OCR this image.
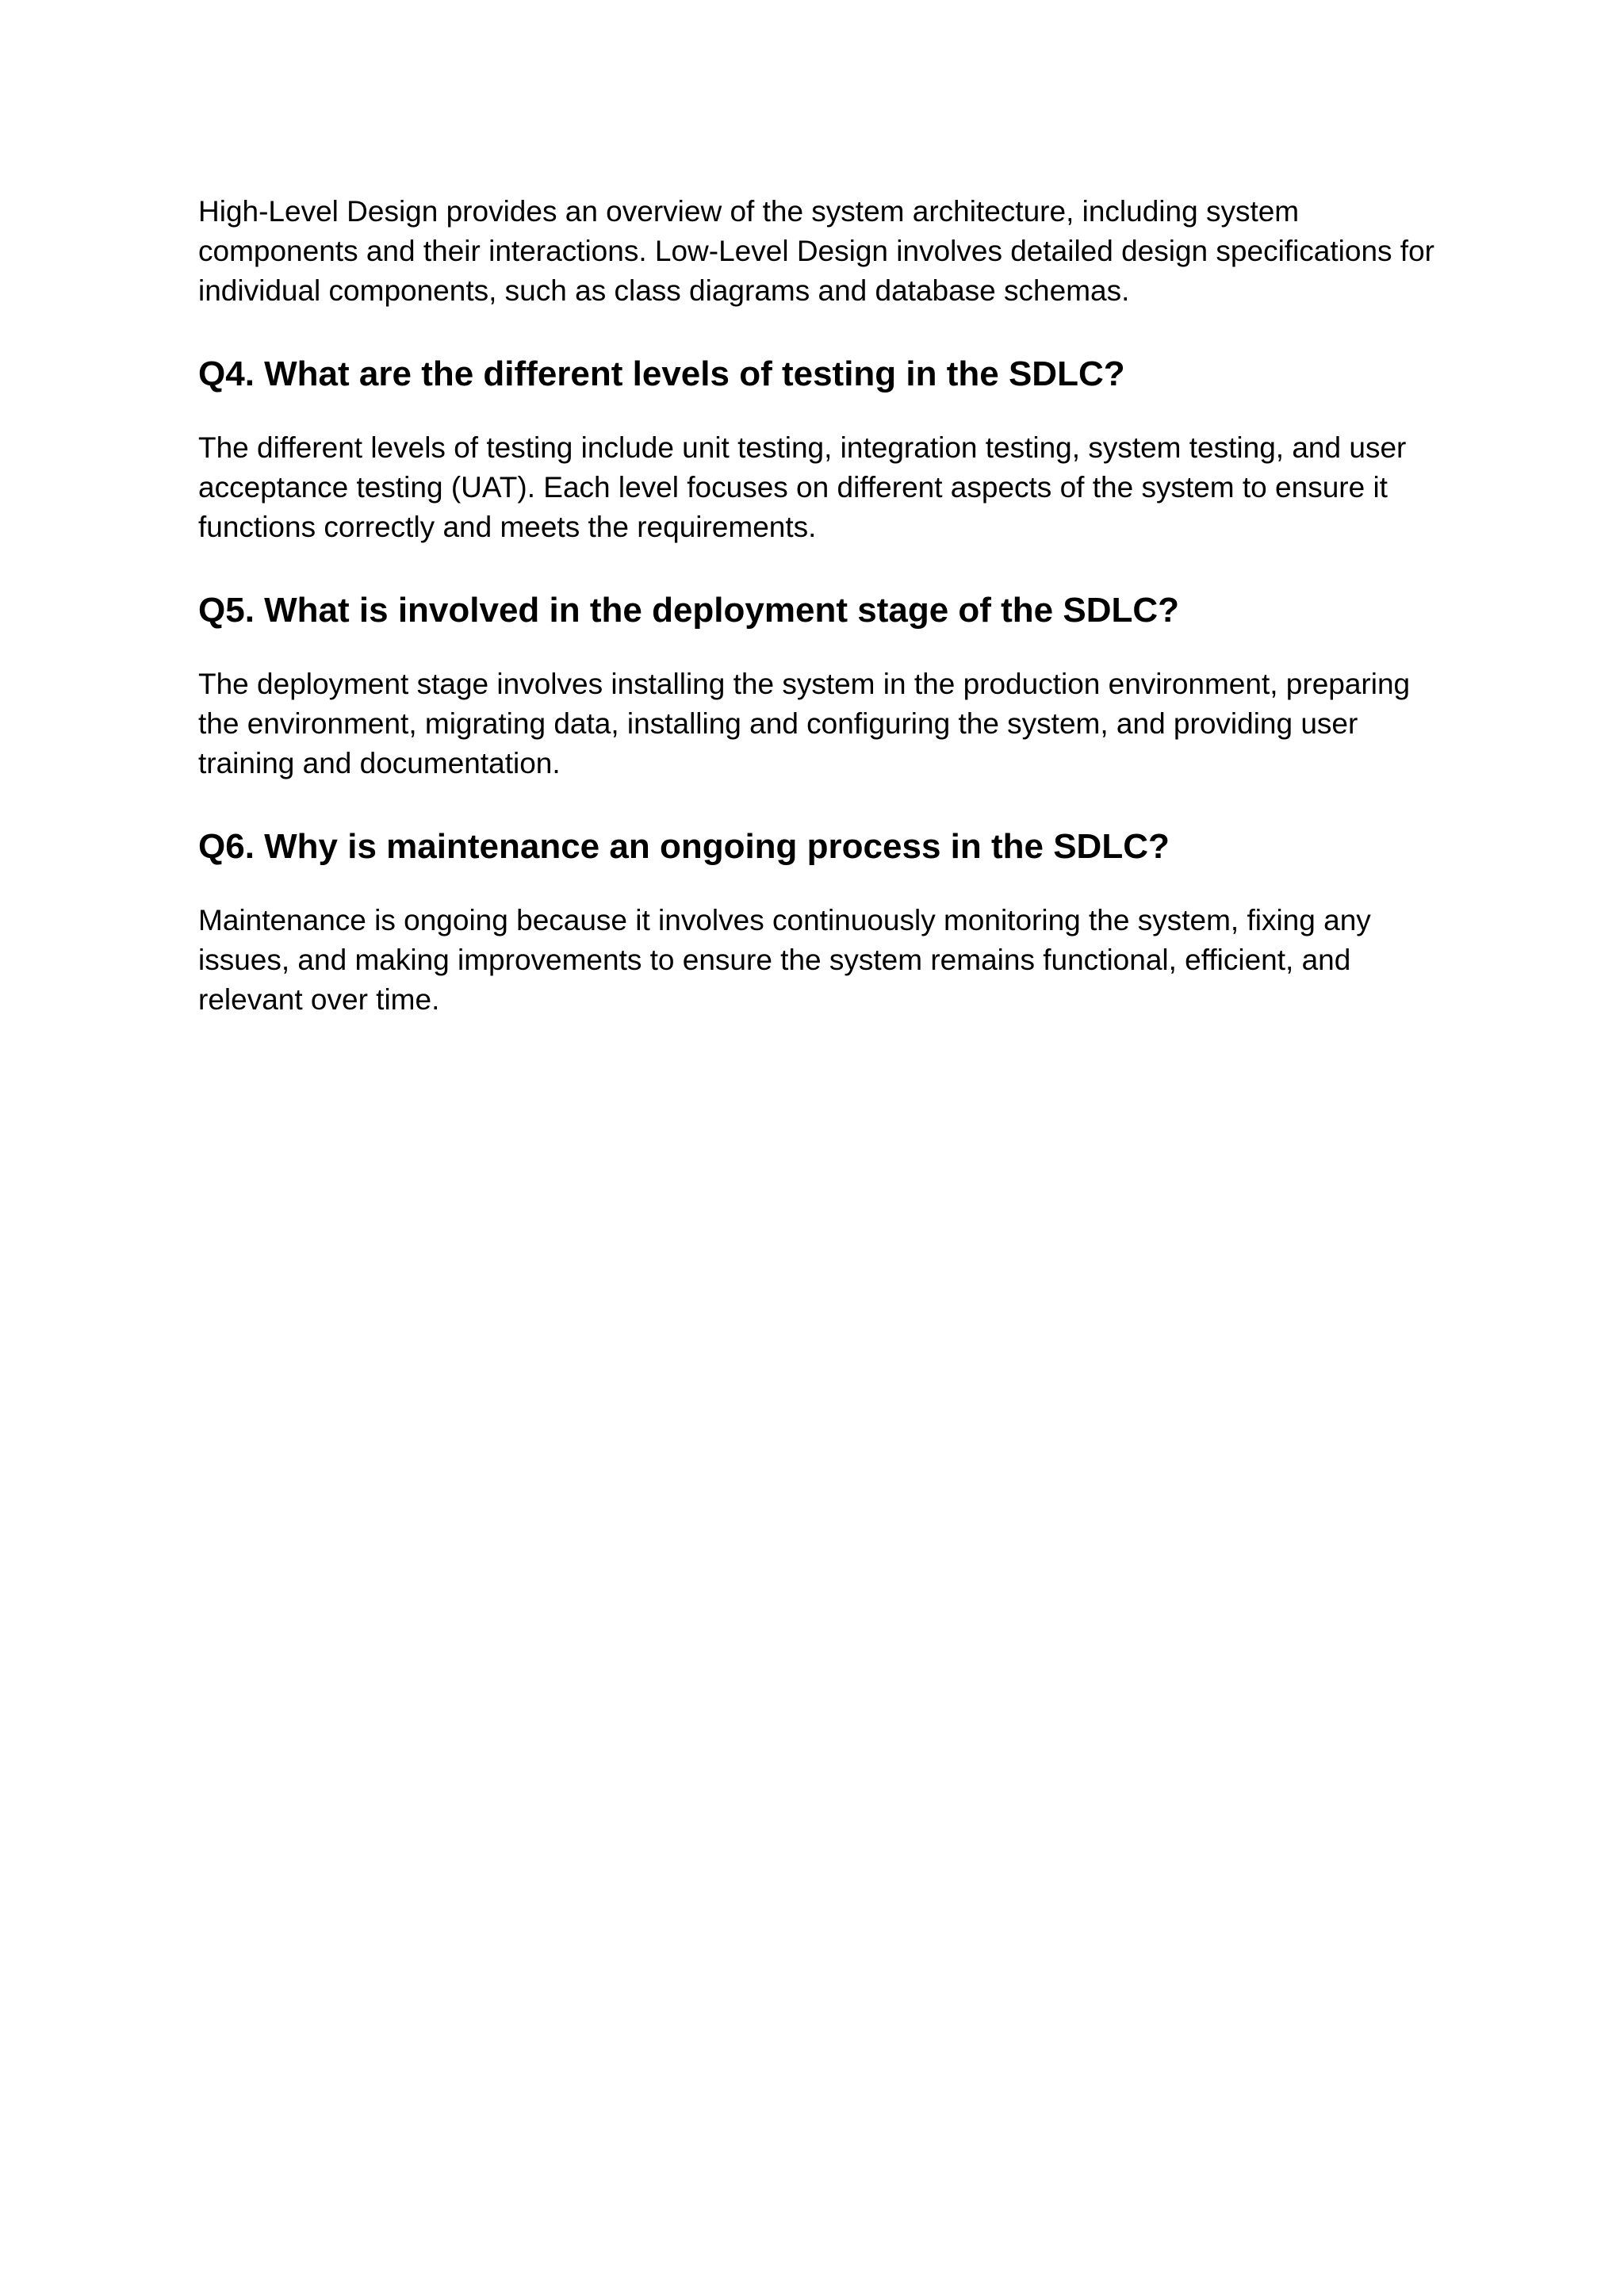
High-Level Design provides an overview of the system architecture, including system components and their interactions. Low-Level Design involves detailed design specifications for individual components, such as class diagrams and database schemas.

Q4. What are the different levels of testing in the SDLC?

The different levels of testing include unit testing, integration testing, system testing, and user acceptance testing (UAT). Each level focuses on different aspects of the system to ensure it functions correctly and meets the requirements.

Q5. What is involved in the deployment stage of the SDLC?

The deployment stage involves installing the system in the production environment, preparing the environment, migrating data, installing and configuring the system, and providing user training and documentation.

Q6. Why is maintenance an ongoing process in the SDLC?

Maintenance is ongoing because it involves continuously monitoring the system, fixing any issues, and making improvements to ensure the system remains functional, efficient, and relevant over time.
